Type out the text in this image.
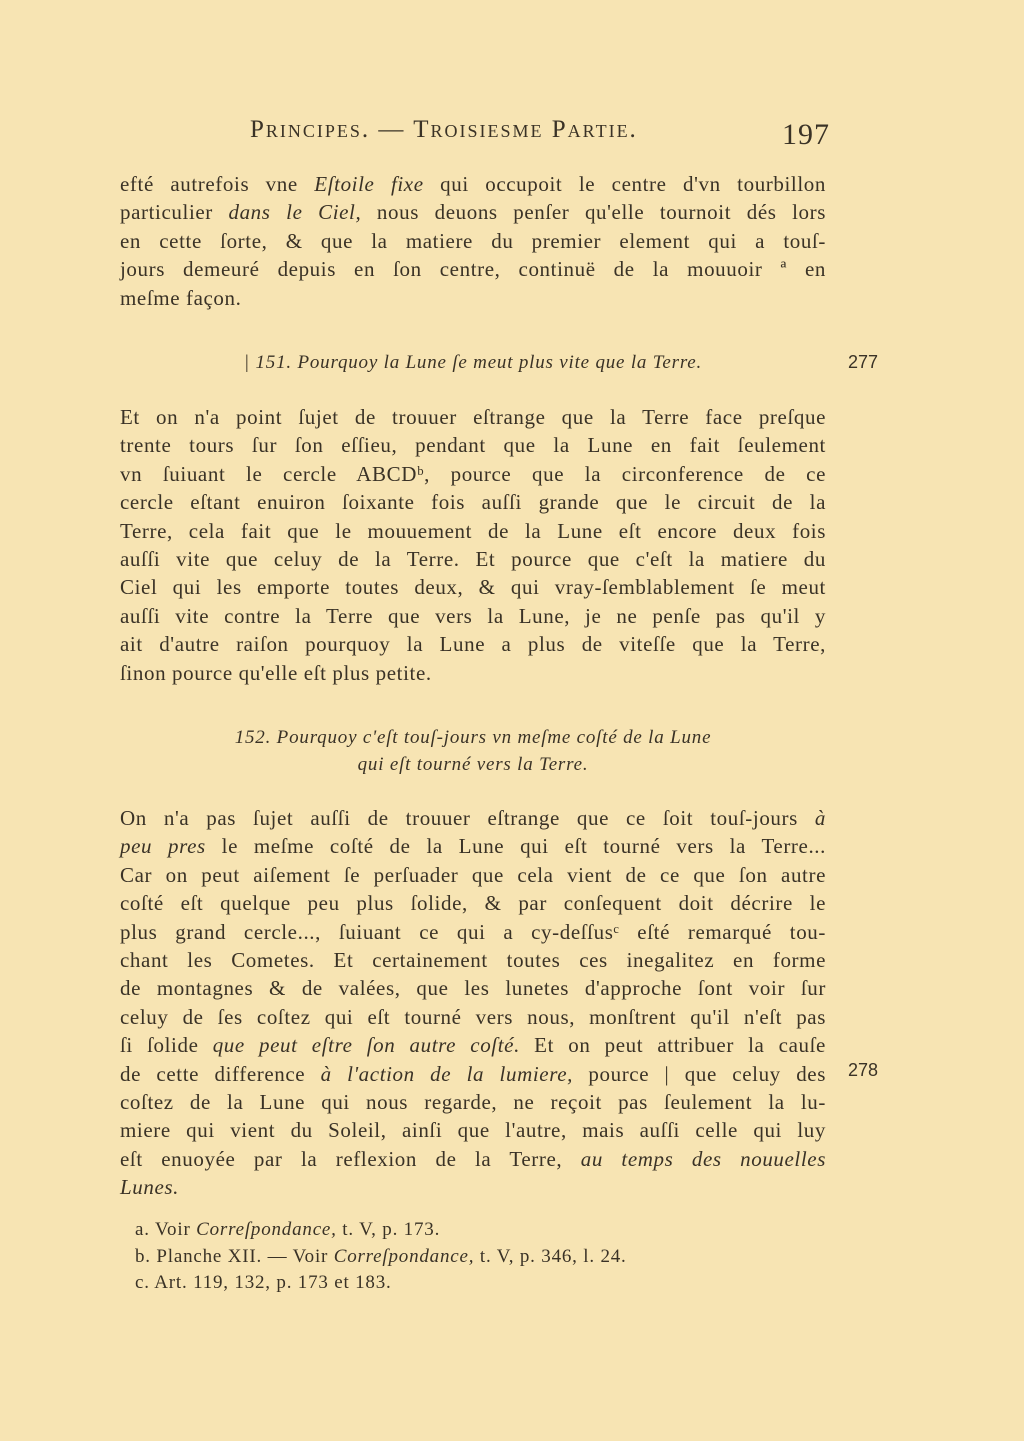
Principes. — Troisiesme Partie.	197
efté autrefois vne Eſtoile fixe qui occupoit le centre d'vn tourbillon
particulier dans le Ciel, nous deuons penſer qu'elle tournoit dés lors
en cette ſorte, & que la matiere du premier element qui a touſ-
jours demeuré depuis en ſon centre, continuë de la mouuoir ª en
meſme façon.
| 151. Pourquoy la Lune ſe meut plus vite que la Terre.	277
Et on n'a point ſujet de trouuer eſtrange que la Terre face preſque
trente tours ſur ſon eſſieu, pendant que la Lune en fait ſeulement
vn ſuiuant le cercle ABCDᵇ, pource que la circonference de ce
cercle eſtant enuiron ſoixante fois auſſi grande que le circuit de la
Terre, cela fait que le mouuement de la Lune eſt encore deux fois
auſſi vite que celuy de la Terre. Et pource que c'eſt la matiere du
Ciel qui les emporte toutes deux, & qui vray-ſemblablement ſe meut
auſſi vite contre la Terre que vers la Lune, je ne penſe pas qu'il y
ait d'autre raiſon pourquoy la Lune a plus de viteſſe que la Terre,
ſinon pource qu'elle eſt plus petite.
152. Pourquoy c'eſt touſ-jours vn meſme coſté de la Lune
qui eſt tourné vers la Terre.
On n'a pas ſujet auſſi de trouuer eſtrange que ce ſoit touſ-jours à
peu pres le meſme coſté de la Lune qui eſt tourné vers la Terre...
Car on peut aiſement ſe perſuader que cela vient de ce que ſon autre
coſté eſt quelque peu plus ſolide, & par conſequent doit décrire le
plus grand cercle..., ſuiuant ce qui a cy-deſſusᶜ eſté remarqué tou-
chant les Cometes. Et certainement toutes ces inegalitez en forme
de montagnes & de valées, que les lunetes d'approche ſont voir ſur
celuy de ſes coſtez qui eſt tourné vers nous, monſtrent qu'il n'eſt pas
ſi ſolide que peut eſtre ſon autre coſté. Et on peut attribuer la cauſe
de cette difference à l'action de la lumiere, pource | que celuy des
coſtez de la Lune qui nous regarde, ne reçoit pas ſeulement la lu-
miere qui vient du Soleil, ainſi que l'autre, mais auſſi celle qui luy
eſt enuoyée par la reflexion de la Terre, au temps des nouuelles
Lunes.
278
a. Voir Correſpondance, t. V, p. 173.
b. Planche XII. — Voir Correſpondance, t. V, p. 346, l. 24.
c. Art. 119, 132, p. 173 et 183.
